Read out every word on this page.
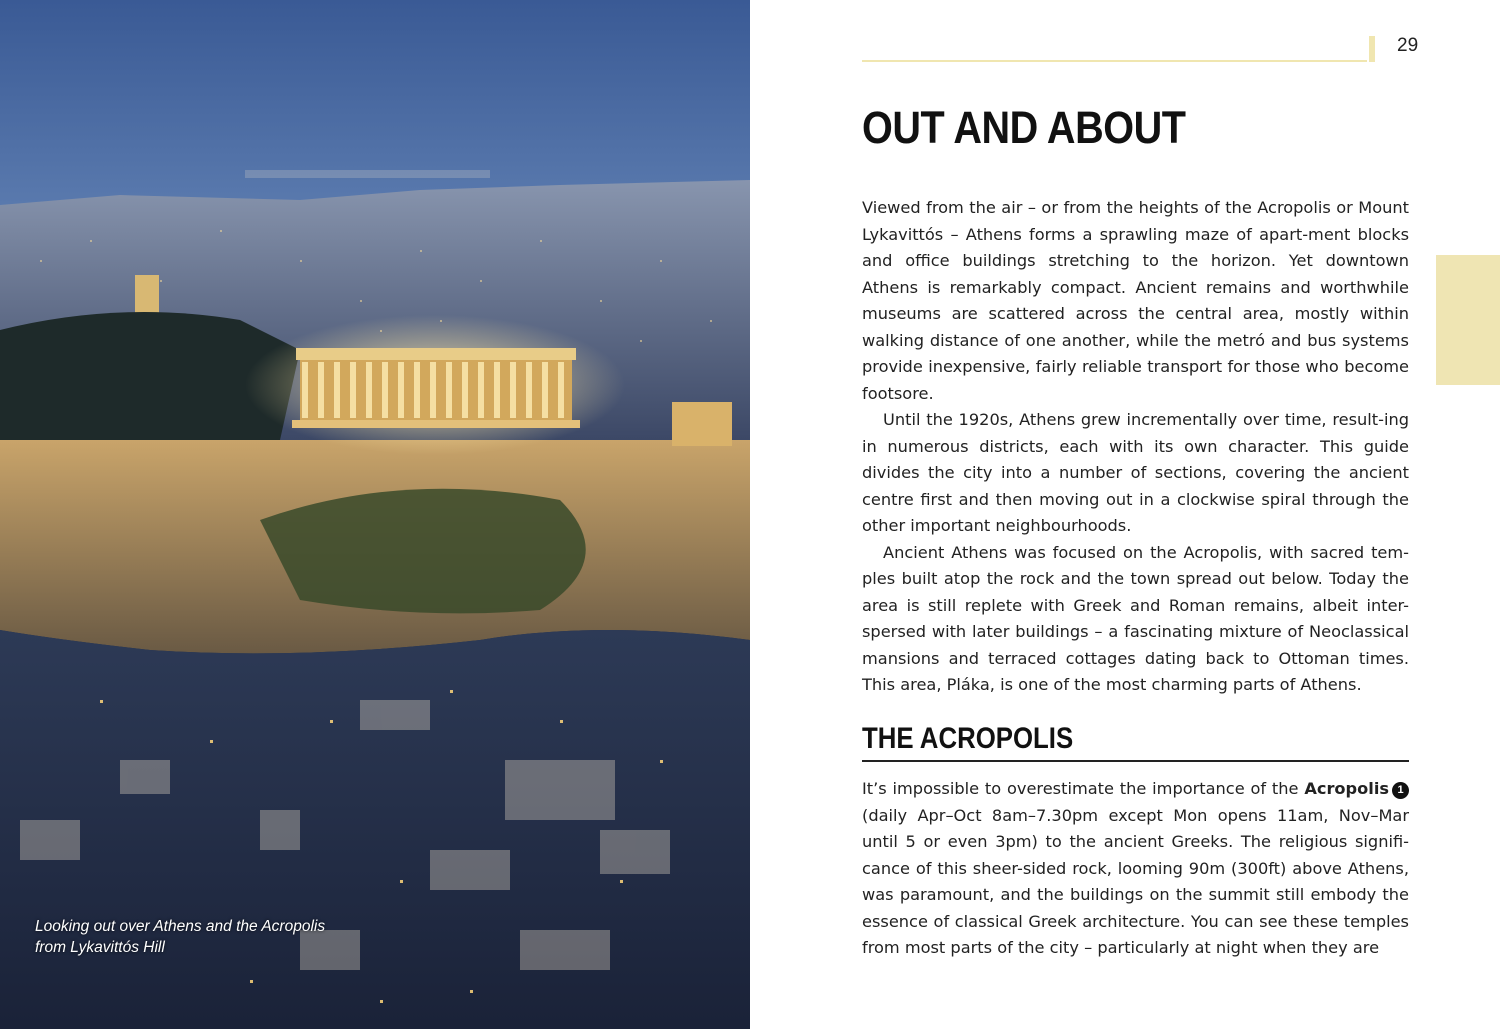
Looking out over Athens and the Acropolis from Lykavittós Hill
29
OUT AND ABOUT

Viewed from the air – or from the heights of the Acropolis or Mount Lykavittós – Athens forms a sprawling maze of apart-ment blocks and office buildings stretching to the horizon. Yet downtown Athens is remarkably compact. Ancient remains and worthwhile museums are scattered across the central area, mostly within walking distance of one another, while the metró and bus systems provide inexpensive, fairly reliable transport for those who become footsore.

Until the 1920s, Athens grew incrementally over time, result-ing in numerous districts, each with its own character. This guide divides the city into a number of sections, covering the ancient centre first and then moving out in a clockwise spiral through the other important neighbourhoods.

Ancient Athens was focused on the Acropolis, with sacred tem-ples built atop the rock and the town spread out below. Today the area is still replete with Greek and Roman remains, albeit inter-spersed with later buildings – a fascinating mixture of Neoclassical mansions and terraced cottages dating back to Ottoman times. This area, Pláka, is one of the most charming parts of Athens.

THE ACROPOLIS

It’s impossible to overestimate the importance of the Acropolis 1 (daily Apr–Oct 8am–7.30pm except Mon opens 11am, Nov–Mar until 5 or even 3pm) to the ancient Greeks. The religious signifi-cance of this sheer-sided rock, looming 90m (300ft) above Athens, was paramount, and the buildings on the summit still embody the essence of classical Greek architecture. You can see these temples from most parts of the city – particularly at night when they are
